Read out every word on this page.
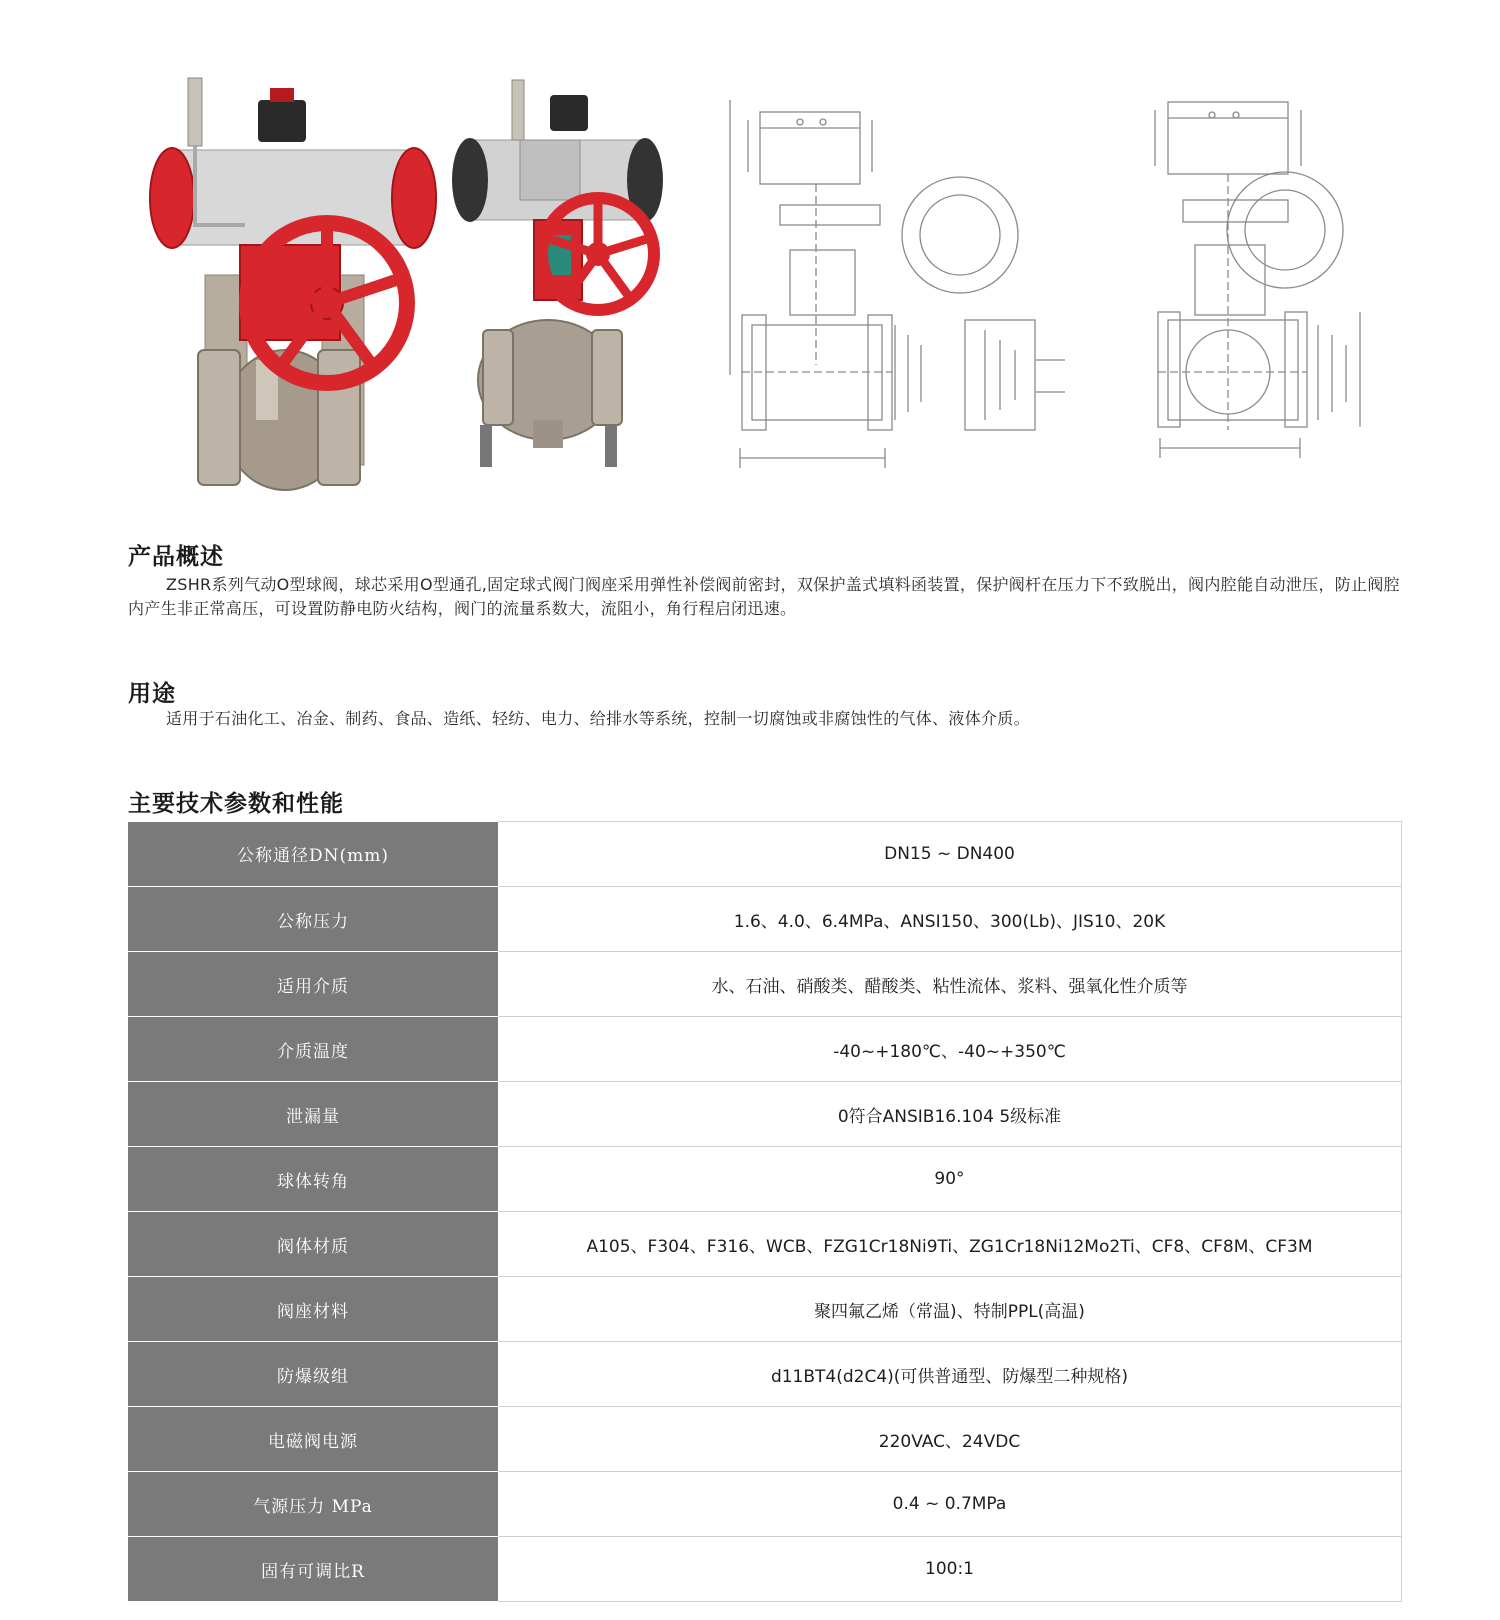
产品概述

ZSHR系列气动O型球阀，球芯采用O型通孔,固定球式阀门阀座采用弹性补偿阀前密封，双保护盖式填料函装置，保护阀杆在压力下不致脱出，阀内腔能自动泄压，防止阀腔内产生非正常高压，可设置防静电防火结构，阀门的流量系数大，流阻小，角行程启闭迅速。

用途

适用于石油化工、冶金、制药、食品、造纸、轻纺、电力、给排水等系统，控制一切腐蚀或非腐蚀性的气体、液体介质。

主要技术参数和性能
公称通径DN(mm)	DN15 ~ DN400
公称压力	1.6、4.0、6.4MPa、ANSI150、300(Lb)、JIS10、20K
适用介质	水、石油、硝酸类、醋酸类、粘性流体、浆料、强氧化性介质等
介质温度	-40~+180℃、-40~+350℃
泄漏量	0符合ANSIB16.104 5级标准
球体转角	90°
阀体材质	A105、F304、F316、WCB、FZG1Cr18Ni9Ti、ZG1Cr18Ni12Mo2Ti、CF8、CF8M、CF3M
阀座材料	聚四氟乙烯（常温)、特制PPL(高温)
防爆级组	d11BT4(d2C4)(可供普通型、防爆型二种规格)
电磁阀电源	220VAC、24VDC
气源压力 MPa	0.4 ~ 0.7MPa
固有可调比R	100:1
